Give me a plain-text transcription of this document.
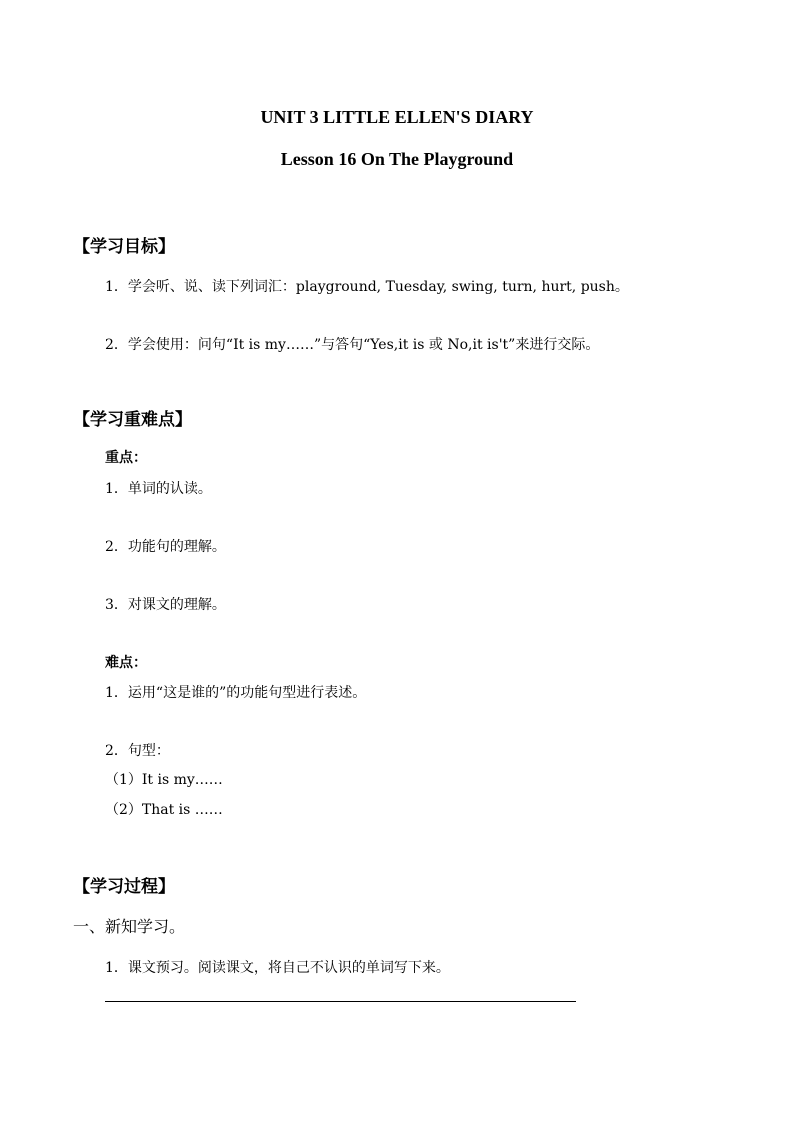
UNIT 3 LITTLE ELLEN'S DIARY
Lesson 16 On The Playground
【学习目标】
1．学会听、说、读下列词汇：playground, Tuesday, swing, turn, hurt, push。
2．学会使用：问句“It is my……”与答句“Yes,it is 或 No,it is't”来进行交际。
【学习重难点】
重点：
1．单词的认读。
2．功能句的理解。
3．对课文的理解。
难点：
1．运用“这是谁的”的功能句型进行表述。
2．句型：
（1）It is my……
（2）That is ……
【学习过程】
一、新知学习。
1．课文预习。阅读课文，将自己不认识的单词写下来。
